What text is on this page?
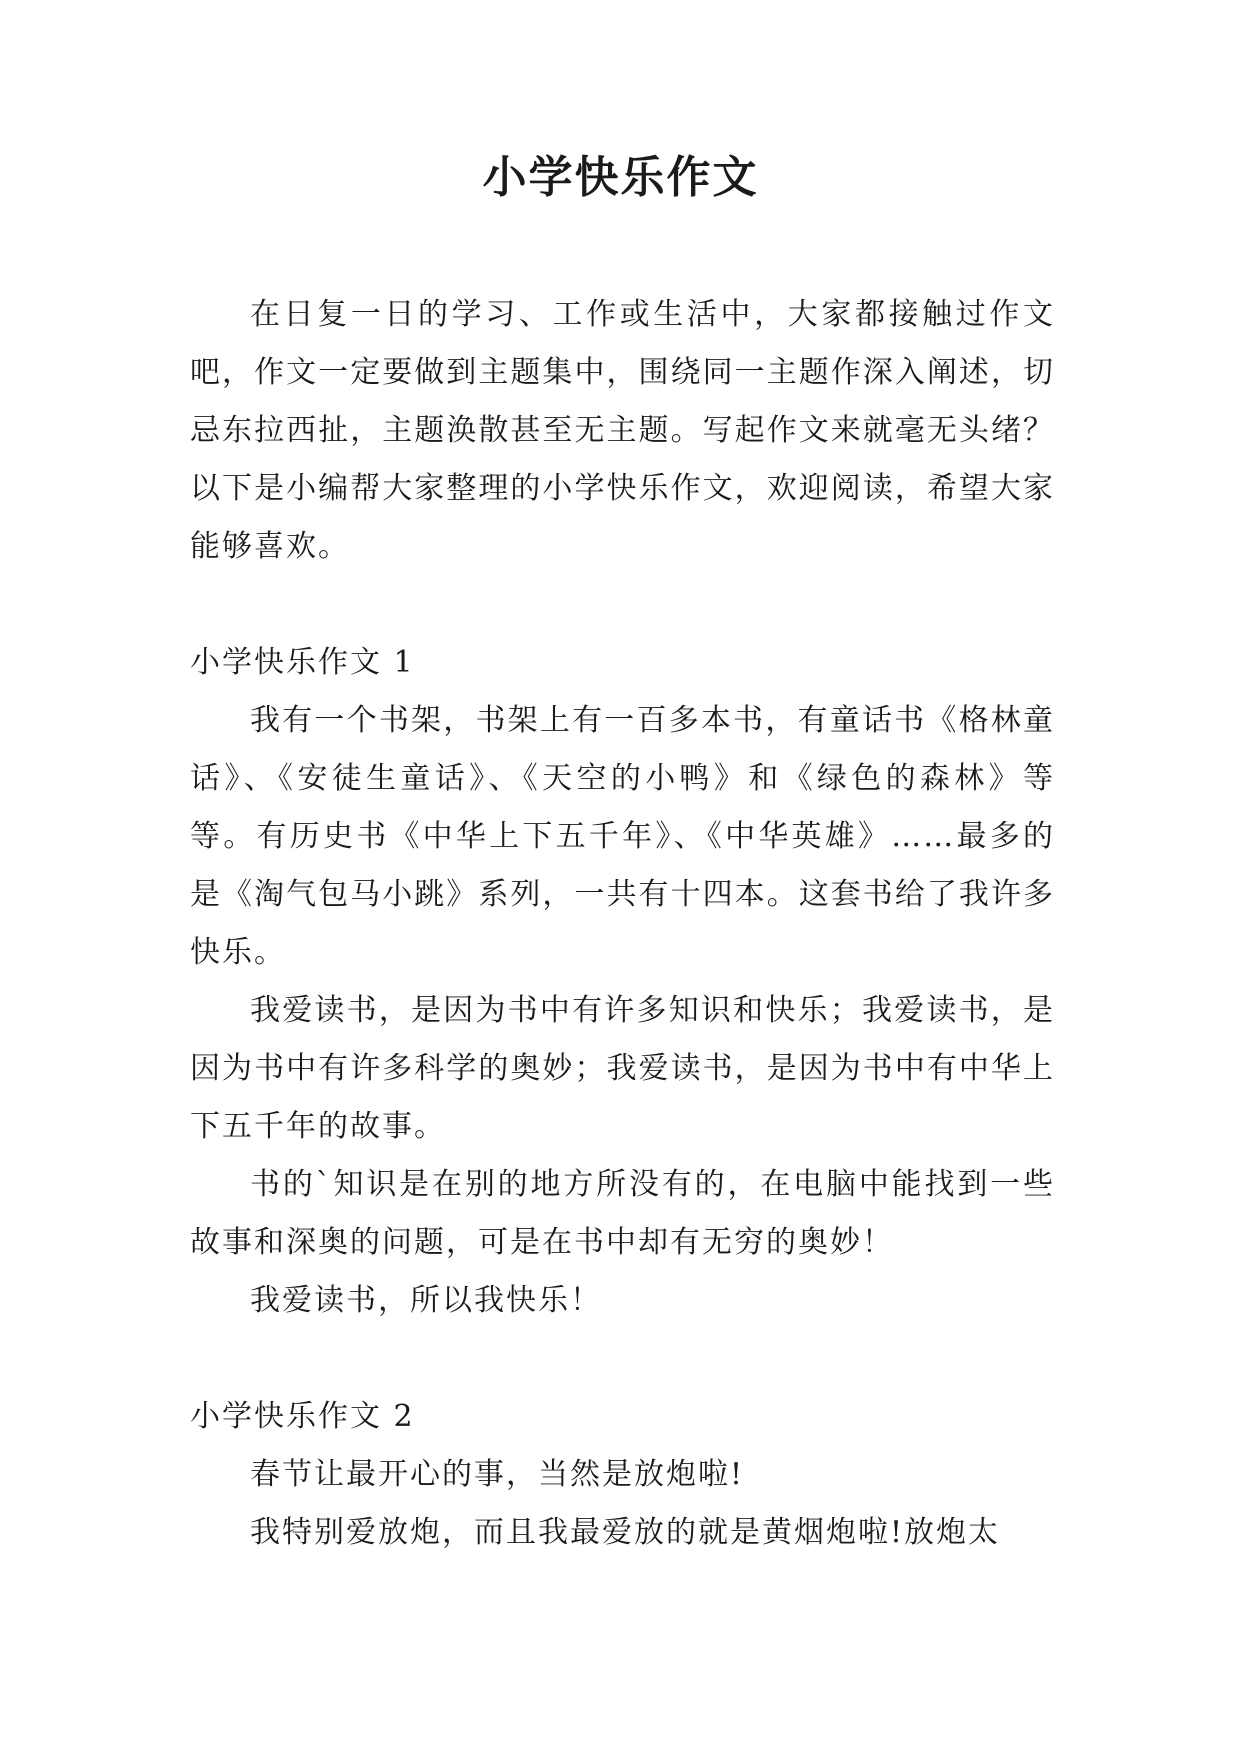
小学快乐作文

在日复一日的学习、工作或生活中，大家都接触过作文吧，作文一定要做到主题集中，围绕同一主题作深入阐述，切忌东拉西扯，主题涣散甚至无主题。写起作文来就毫无头绪？以下是小编帮大家整理的小学快乐作文，欢迎阅读，希望大家能够喜欢。

小学快乐作文 1

我有一个书架，书架上有一百多本书，有童话书《格林童话》、《安徒生童话》、《天空的小鸭》和《绿色的森林》等等。有历史书《中华上下五千年》、《中华英雄》……最多的是《淘气包马小跳》系列，一共有十四本。这套书给了我许多快乐。

我爱读书，是因为书中有许多知识和快乐；我爱读书，是因为书中有许多科学的奥妙；我爱读书，是因为书中有中华上下五千年的故事。

书的`知识是在别的地方所没有的，在电脑中能找到一些故事和深奥的问题，可是在书中却有无穷的奥妙！

我爱读书，所以我快乐！

小学快乐作文 2

春节让最开心的事，当然是放炮啦!

我特别爱放炮，而且我最爱放的就是黄烟炮啦!放炮太
